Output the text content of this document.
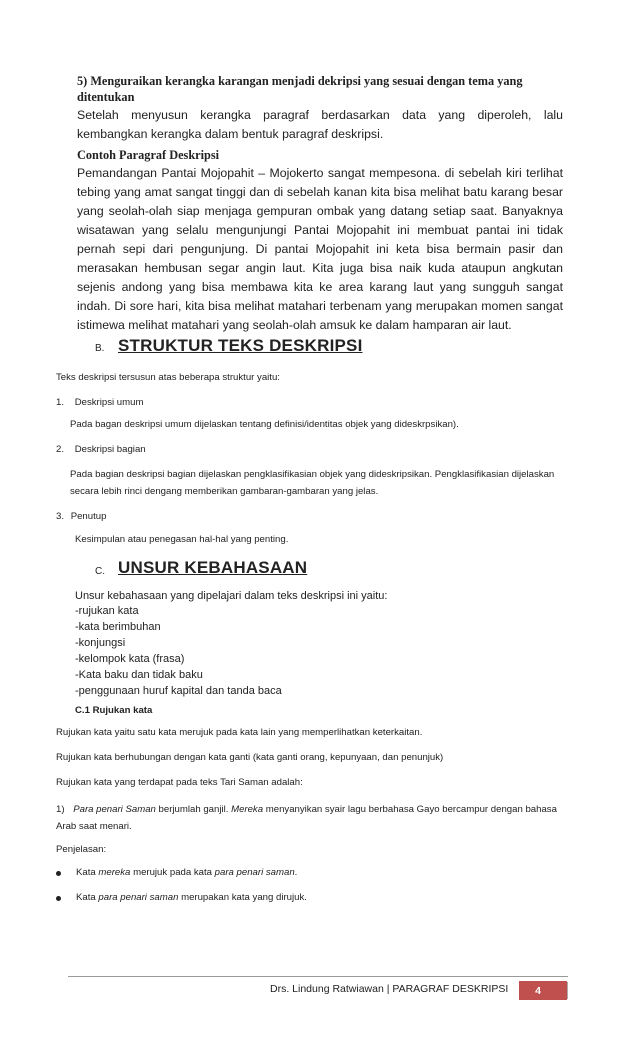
5) Menguraikan kerangka karangan menjadi dekripsi yang sesuai dengan tema yang ditentukan
Setelah menyusun kerangka paragraf berdasarkan data yang diperoleh, lalu kembangkan kerangka dalam bentuk paragraf deskripsi.
Contoh Paragraf Deskripsi
Pemandangan Pantai Mojopahit – Mojokerto sangat mempesona. di sebelah kiri terlihat tebing yang amat sangat tinggi dan di sebelah kanan kita bisa melihat batu karang besar yang seolah-olah siap menjaga gempuran ombak yang datang setiap saat. Banyaknya wisatawan yang selalu mengunjungi Pantai Mojopahit ini membuat pantai ini tidak pernah sepi dari pengunjung. Di pantai Mojopahit ini keta bisa bermain pasir dan merasakan hembusan segar angin laut. Kita juga bisa naik kuda ataupun angkutan sejenis andong yang bisa membawa kita ke area karang laut yang sungguh sangat indah. Di sore hari, kita bisa melihat matahari terbenam yang merupakan momen sangat istimewa melihat matahari yang seolah-olah amsuk ke dalam hamparan air laut.
B. STRUKTUR TEKS DESKRIPSI
Teks deskripsi tersusun atas beberapa struktur yaitu:
1. Deskripsi umum
Pada bagan deskripsi umum dijelaskan tentang definisi/identitas objek yang dideskrpsikan).
2. Deskripsi bagian
Pada bagian deskripsi bagian dijelaskan pengklasifikasian objek yang dideskripsikan. Pengklasifikasian dijelaskan secara lebih rinci dengang memberikan gambaran-gambaran yang jelas.
3. Penutup
Kesimpulan atau penegasan hal-hal yang penting.
C. UNSUR KEBAHASAAN
Unsur kebahasaan yang dipelajari dalam teks deskripsi ini yaitu:
-rujukan kata
-kata berimbuhan
-konjungsi
-kelompok kata (frasa)
-Kata baku dan tidak baku
-penggunaan huruf kapital dan tanda baca
C.1 Rujukan kata
Rujukan kata yaitu satu kata merujuk pada kata lain yang memperlihatkan keterkaitan.
Rujukan kata berhubungan dengan kata ganti (kata ganti orang, kepunyaan, dan penunjuk)
Rujukan kata yang terdapat pada teks Tari Saman adalah:
1) Para penari Saman berjumlah ganjil. Mereka menyanyikan syair lagu berbahasa Gayo bercampur dengan bahasa Arab saat menari.
Penjelasan:
Kata mereka merujuk pada kata para penari saman.
Kata para penari saman merupakan kata yang dirujuk.
Drs. Lindung Ratwiawan | PARAGRAF DESKRIPSI	4
